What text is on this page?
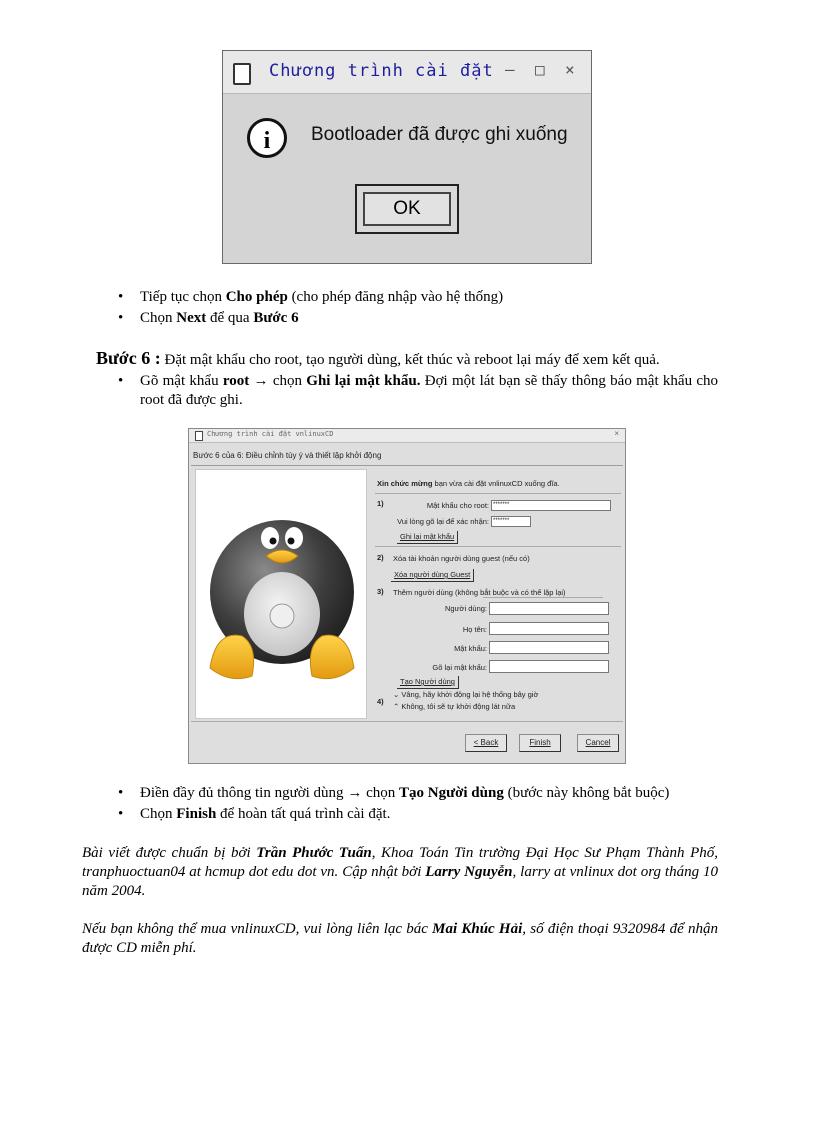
Chương trình cài đặt – □ ×
i	Bootloader đã được ghi xuống
OK
• Tiếp tục chọn Cho phép (cho phép đăng nhập vào hệ thống)
• Chọn Next để qua Bước 6
Bước 6 : Đặt mật khẩu cho root, tạo người dùng, kết thúc và reboot lại máy để xem kết quả.
• Gõ mật khẩu root → chọn Ghi lại mật khẩu. Đợi một lát bạn sẽ thấy thông báo mật khẩu cho root đã được ghi.
Chương trình cài đặt vnlinuxCD	×
Bước 6 của 6: Điều chỉnh tùy ý và thiết lập khởi động
Xin chức mừng bạn vừa cài đặt vnlinuxCD xuống đĩa.
1)	Mật khẩu cho root: *******
Vui lòng gõ lại để xác nhận: *******
Ghi lại mật khẩu
2) Xóa tài khoản người dùng guest (nếu có)
Xóa người dùng Guest
3) Thêm người dùng (không bắt buộc và có thể lặp lại)
Người dùng:
Họ tên:
Mật khẩu:
Gõ lại mật khẩu:
Tạo Người dùng
4)
⌄ Vâng, hãy khởi động lại hệ thống bây giờ
⌃ Không, tôi sẽ tự khởi động lát nữa
< Back	Finish	Cancel
• Điền đầy đủ thông tin người dùng → chọn Tạo Người dùng (bước này không bắt buộc)
• Chọn Finish để hoàn tất quá trình cài đặt.
Bài viết được chuẩn bị bởi Trần Phước Tuấn, Khoa Toán Tin trường Đại Học Sư Phạm Thành Phố, tranphuoctuan04 at hcmup dot edu dot vn. Cập nhật bởi Larry Nguyễn, larry at vnlinux dot org tháng 10 năm 2004.
Nếu bạn không thể mua vnlinuxCD, vui lòng liên lạc bác Mai Khúc Hải, số điện thoại 9320984 để nhận được CD miễn phí.
